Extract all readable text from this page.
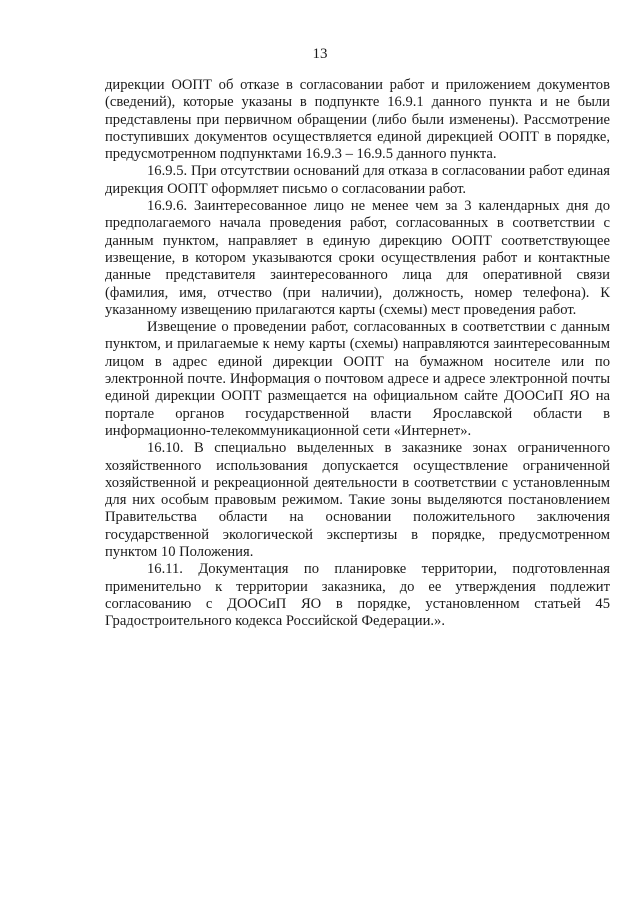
13

дирекции ООПТ об отказе в согласовании работ и приложением документов (сведений), которые указаны в подпункте 16.9.1 данного пункта и не были представлены при первичном обращении (либо были изменены). Рассмотрение поступивших документов осуществляется единой дирекцией ООПТ в порядке, предусмотренном подпунктами 16.9.3 – 16.9.5 данного пункта.

16.9.5. При отсутствии оснований для отказа в согласовании работ единая дирекция ООПТ оформляет письмо о согласовании работ.

16.9.6. Заинтересованное лицо не менее чем за 3 календарных дня до предполагаемого начала проведения работ, согласованных в соответствии с данным пунктом, направляет в единую дирекцию ООПТ соответствующее извещение, в котором указываются сроки осуществления работ и контактные данные представителя заинтересованного лица для оперативной связи (фамилия, имя, отчество (при наличии), должность, номер телефона). К указанному извещению прилагаются карты (схемы) мест проведения работ.

Извещение о проведении работ, согласованных в соответствии с данным пунктом, и прилагаемые к нему карты (схемы) направляются заинтересованным лицом в адрес единой дирекции ООПТ на бумажном носителе или по электронной почте. Информация о почтовом адресе и адресе электронной почты единой дирекции ООПТ размещается на официальном сайте ДООСиП ЯО на портале органов государственной власти Ярославской области в информационно-телекоммуникационной сети «Интернет».

16.10. В специально выделенных в заказнике зонах ограниченного хозяйственного использования допускается осуществление ограниченной хозяйственной и рекреационной деятельности в соответствии с установленным для них особым правовым режимом. Такие зоны выделяются постановлением Правительства области на основании положительного заключения государственной экологической экспертизы в порядке, предусмотренном пунктом 10 Положения.

16.11. Документация по планировке территории, подготовленная применительно к территории заказника, до ее утверждения подлежит согласованию с ДООСиП ЯО в порядке, установленном статьей 45 Градостроительного кодекса Российской Федерации.».
